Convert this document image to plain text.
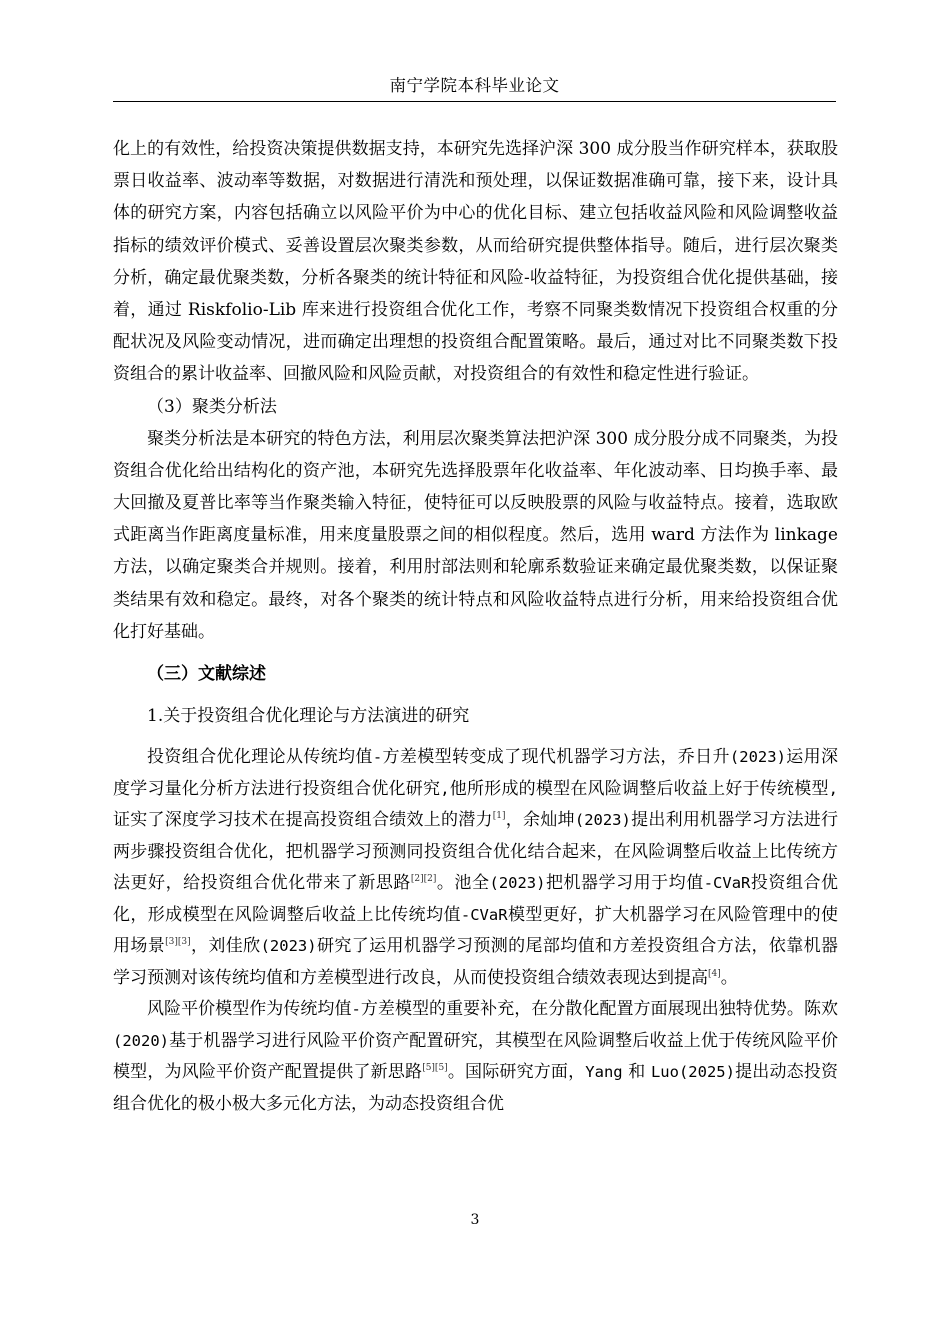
南宁学院本科毕业论文

化上的有效性，给投资决策提供数据支持，本研究先选择沪深 300 成分股当作研究样本，获取股票日收益率、波动率等数据，对数据进行清洗和预处理，以保证数据准确可靠，接下来，设计具体的研究方案，内容包括确立以风险平价为中心的优化目标、建立包括收益风险和风险调整收益指标的绩效评价模式、妥善设置层次聚类参数，从而给研究提供整体指导。随后，进行层次聚类分析，确定最优聚类数，分析各聚类的统计特征和风险-收益特征，为投资组合优化提供基础，接着，通过 Riskfolio-Lib 库来进行投资组合优化工作，考察不同聚类数情况下投资组合权重的分配状况及风险变动情况，进而确定出理想的投资组合配置策略。最后，通过对比不同聚类数下投资组合的累计收益率、回撤风险和风险贡献，对投资组合的有效性和稳定性进行验证。

（3）聚类分析法

聚类分析法是本研究的特色方法，利用层次聚类算法把沪深 300 成分股分成不同聚类，为投资组合优化给出结构化的资产池，本研究先选择股票年化收益率、年化波动率、日均换手率、最大回撤及夏普比率等当作聚类输入特征，使特征可以反映股票的风险与收益特点。接着，选取欧式距离当作距离度量标准，用来度量股票之间的相似程度。然后，选用 ward 方法作为 linkage 方法，以确定聚类合并规则。接着，利用肘部法则和轮廓系数验证来确定最优聚类数，以保证聚类结果有效和稳定。最终，对各个聚类的统计特点和风险收益特点进行分析，用来给投资组合优化打好基础。

（三）文献综述

1.关于投资组合优化理论与方法演进的研究

投资组合优化理论从传统均值-方差模型转变成了现代机器学习方法，乔日升(2023)运用深度学习量化分析方法进行投资组合优化研究,他所形成的模型在风险调整后收益上好于传统模型,证实了深度学习技术在提高投资组合绩效上的潜力[1]，余灿坤(2023)提出利用机器学习方法进行两步骤投资组合优化，把机器学习预测同投资组合优化结合起来，在风险调整后收益上比传统方法更好，给投资组合优化带来了新思路[2][2]。池全(2023)把机器学习用于均值-CVaR投资组合优化，形成模型在风险调整后收益上比传统均值-CVaR模型更好，扩大机器学习在风险管理中的使用场景[3][3]，刘佳欣(2023)研究了运用机器学习预测的尾部均值和方差投资组合方法，依靠机器学习预测对该传统均值和方差模型进行改良，从而使投资组合绩效表现达到提高[4]。

风险平价模型作为传统均值-方差模型的重要补充，在分散化配置方面展现出独特优势。陈欢(2020)基于机器学习进行风险平价资产配置研究，其模型在风险调整后收益上优于传统风险平价模型，为风险平价资产配置提供了新思路[5][5]。国际研究方面，Yang 和 Luo(2025)提出动态投资组合优化的极小极大多元化方法，为动态投资组合优

3
